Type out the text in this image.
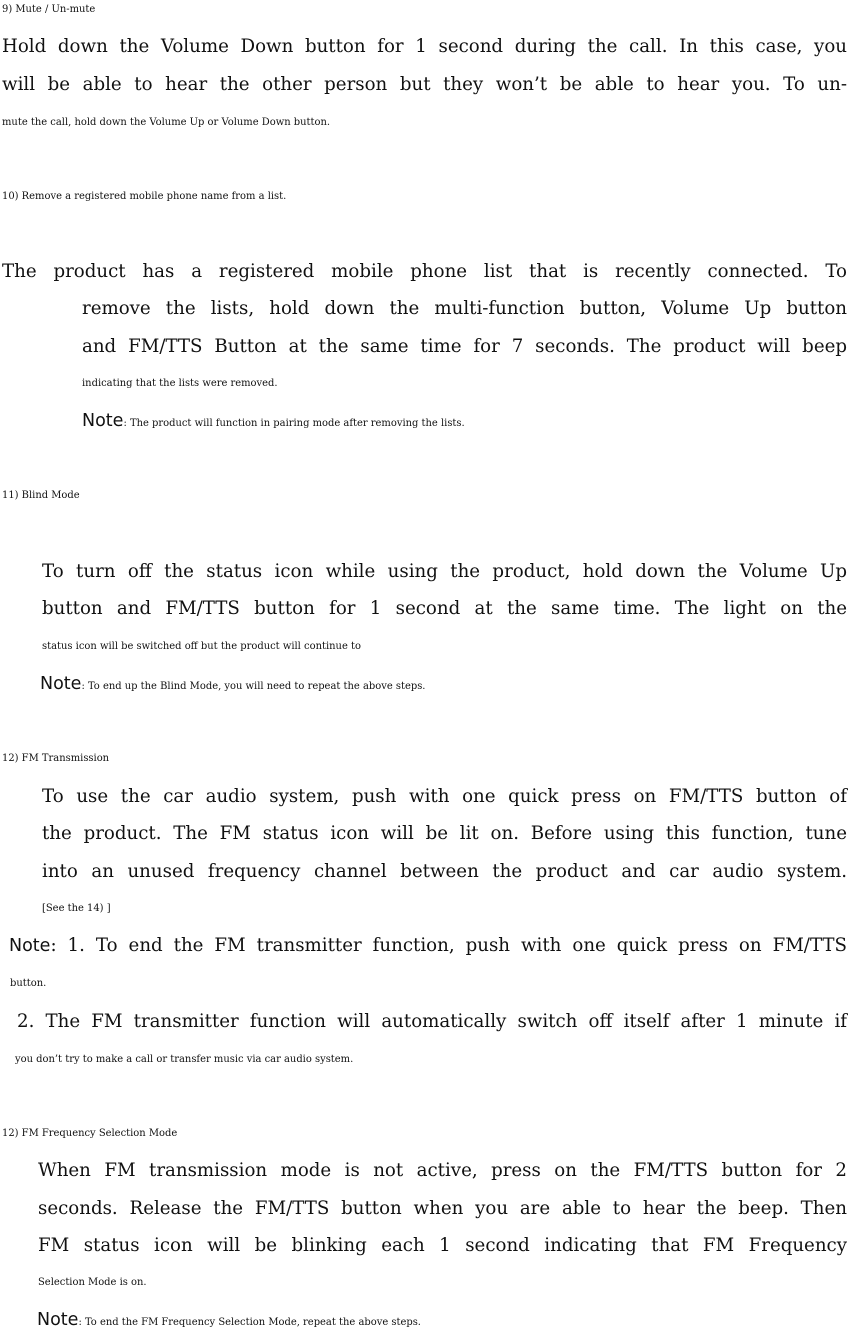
9) Mute / Un-mute

Hold down the Volume Down button for 1 second during the call. In this case, you

will be able to hear the other person but they won’t be able to hear you. To un-

mute the call, hold down the Volume Up or Volume Down button.

10) Remove a registered mobile phone name from a list.

The product has a registered mobile phone list that is recently connected. To

remove the lists, hold down the multi-function button, Volume Up button

and FM/TTS Button at the same time for 7 seconds. The product will beep

indicating that the lists were removed.

Note: The product will function in pairing mode after removing the lists.

11) Blind Mode

To turn off the status icon while using the product, hold down the Volume Up

button and FM/TTS button for 1 second at the same time. The light on the

status icon will be switched off but the product will continue to

Note: To end up the Blind Mode, you will need to repeat the above steps.

12) FM Transmission

To use the car audio system, push with one quick press on FM/TTS button of

the product. The FM status icon will be lit on. Before using this function, tune

into an unused frequency channel between the product and car audio system.

[See the 14) ]

Note: 1. To end the FM transmitter function, push with one quick press on FM/TTS

button.

2. The FM transmitter function will automatically switch off itself after 1 minute if

you don’t try to make a call or transfer music via car audio system.

12) FM Frequency Selection Mode

When FM transmission mode is not active, press on the FM/TTS button for 2

seconds. Release the FM/TTS button when you are able to hear the beep. Then

FM status icon will be blinking each 1 second indicating that FM Frequency

Selection Mode is on.

Note: To end the FM Frequency Selection Mode, repeat the above steps.
